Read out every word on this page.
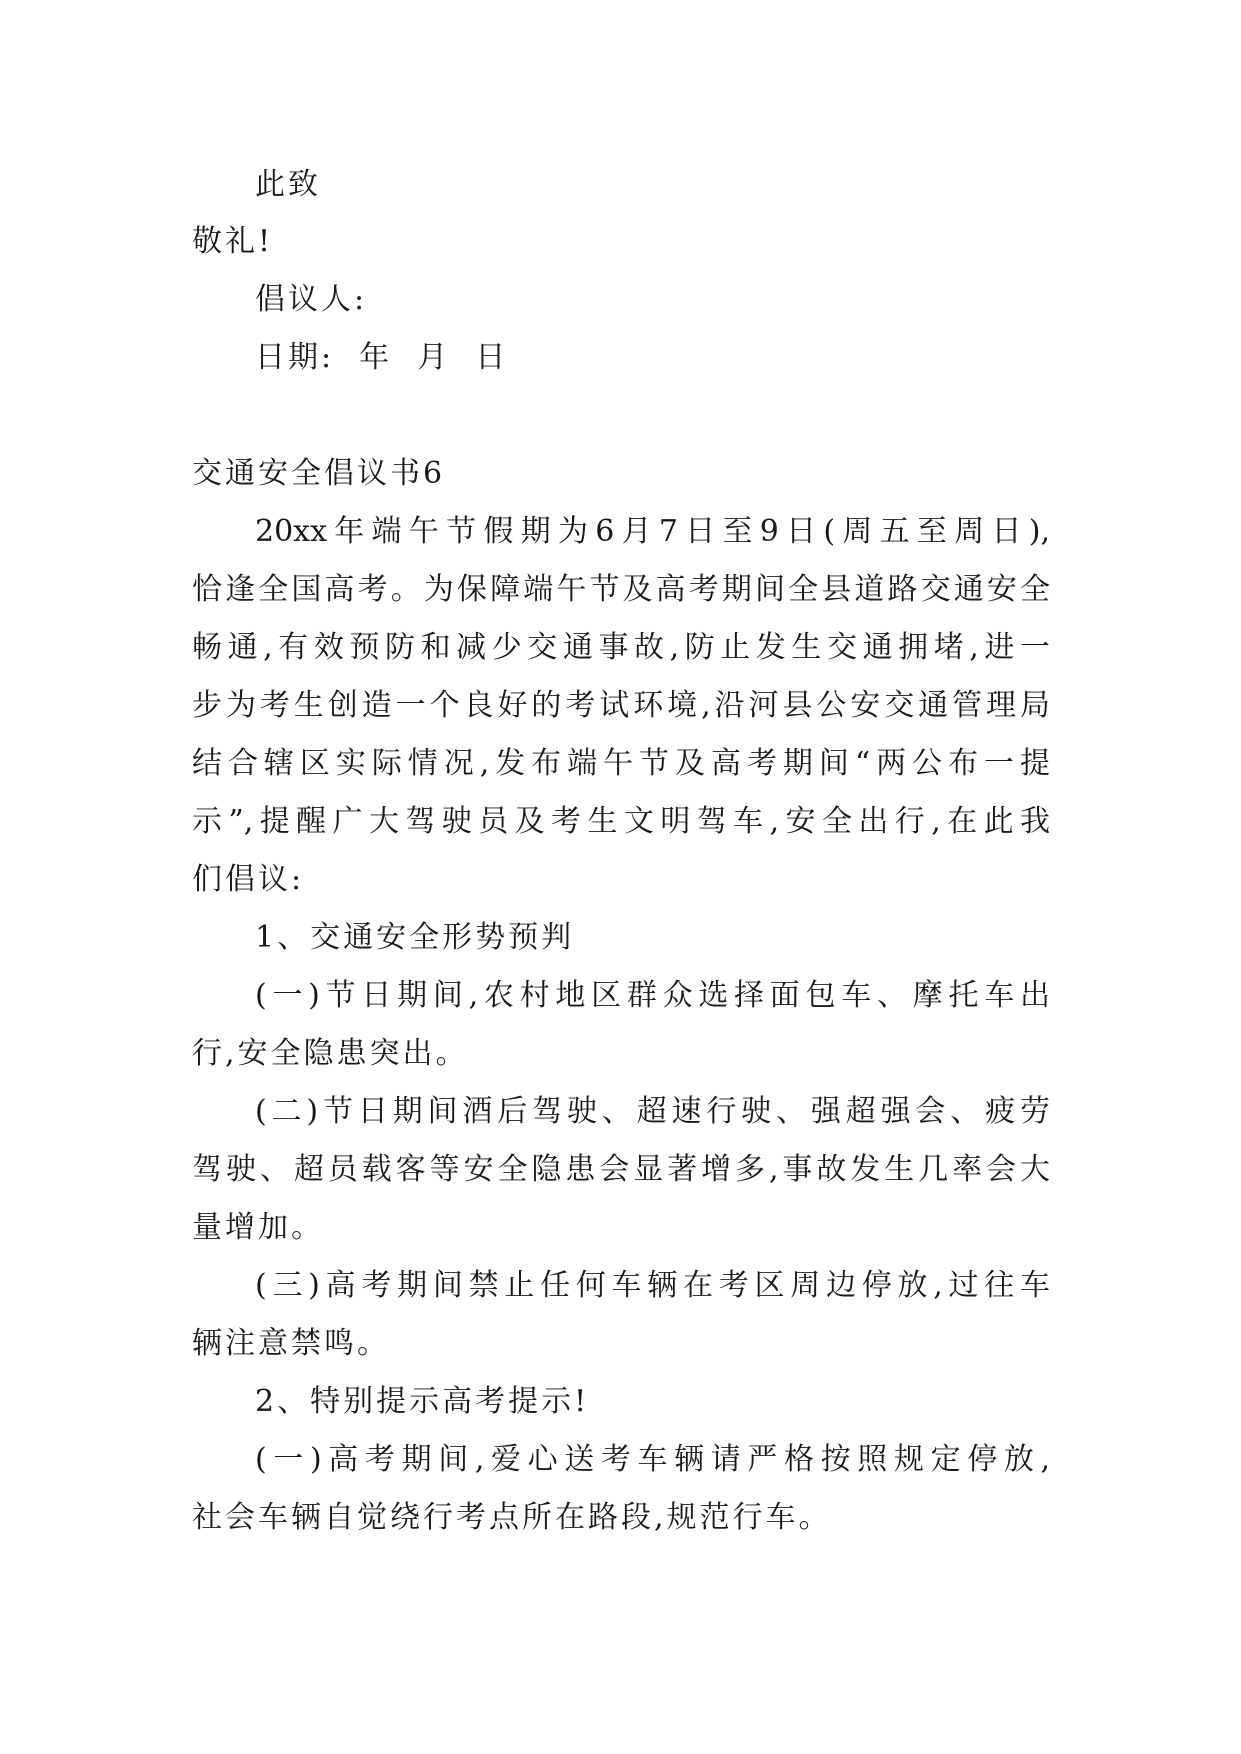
此致
敬礼!
倡议人:
日期:  年  月  日
交通安全倡议书6
20xx年端午节假期为6月7日至9日(周五至周日),
恰逢全国高考。为保障端午节及高考期间全县道路交通安全
畅通,有效预防和减少交通事故,防止发生交通拥堵,进一
步为考生创造一个良好的考试环境,沿河县公安交通管理局
结合辖区实际情况,发布端午节及高考期间“两公布一提
示”,提醒广大驾驶员及考生文明驾车,安全出行,在此我
们倡议:
1、交通安全形势预判
(一)节日期间,农村地区群众选择面包车、摩托车出
行,安全隐患突出。
(二)节日期间酒后驾驶、超速行驶、强超强会、疲劳
驾驶、超员载客等安全隐患会显著增多,事故发生几率会大
量增加。
(三)高考期间禁止任何车辆在考区周边停放,过往车
辆注意禁鸣。
2、特别提示高考提示!
(一)高考期间,爱心送考车辆请严格按照规定停放,
社会车辆自觉绕行考点所在路段,规范行车。
